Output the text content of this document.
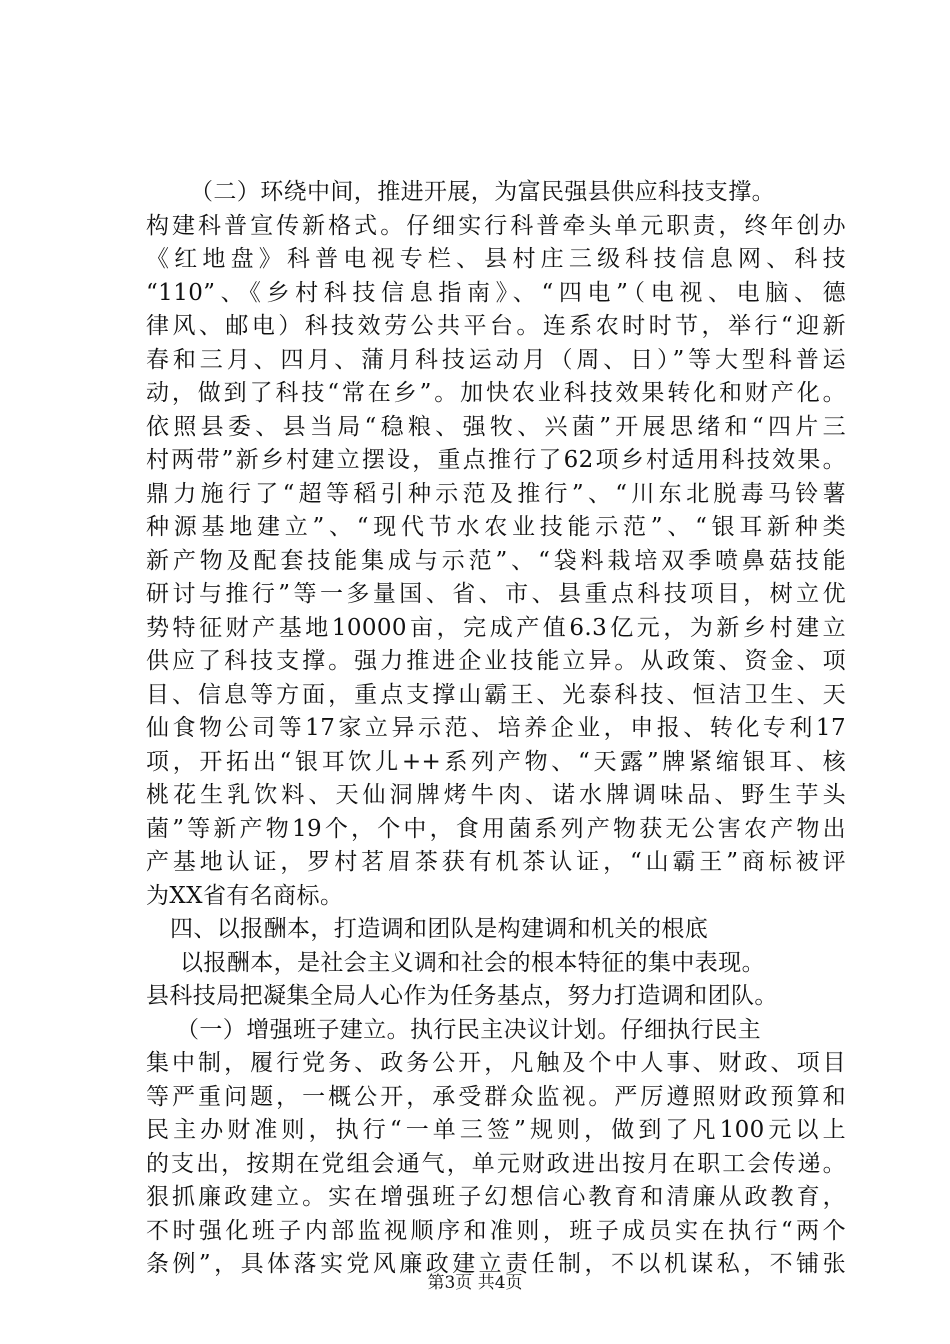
（二）环绕中间，推进开展，为富民强县供应科技支撑。
构建科普宣传新格式。仔细实行科普牵头单元职责，终年创办
《红地盘》科普电视专栏、县村庄三级科技信息网、科技
“110”、《乡村科技信息指南》、“四电”（电视、电脑、德
律风、邮电）科技效劳公共平台。连系农时时节，举行“迎新
春和三月、四月、蒲月科技运动月（周、日）”等大型科普运
动，做到了科技“常在乡”。加快农业科技效果转化和财产化。
依照县委、县当局“稳粮、强牧、兴菌”开展思绪和“四片三
村两带”新乡村建立摆设，重点推行了62项乡村适用科技效果。
鼎力施行了“超等稻引种示范及推行”、“川东北脱毒马铃薯
种源基地建立”、“现代节水农业技能示范”、“银耳新种类
新产物及配套技能集成与示范”、“袋料栽培双季喷鼻菇技能
研讨与推行”等一多量国、省、市、县重点科技项目，树立优
势特征财产基地10000亩，完成产值6.3亿元，为新乡村建立
供应了科技支撑。强力推进企业技能立异。从政策、资金、项
目、信息等方面，重点支撑山霸王、光泰科技、恒洁卫生、天
仙食物公司等17家立异示范、培养企业，申报、转化专利17
项，开拓出“银耳饮儿++系列产物、“天露”牌紧缩银耳、核
桃花生乳饮料、天仙洞牌烤牛肉、诺水牌调味品、野生芋头
菌”等新产物19个，个中，食用菌系列产物获无公害农产物出
产基地认证，罗村茗眉茶获有机茶认证，“山霸王”商标被评
为XX省有名商标。
四、以报酬本，打造调和团队是构建调和机关的根底
以报酬本，是社会主义调和社会的根本特征的集中表现。
县科技局把凝集全局人心作为任务基点，努力打造调和团队。
（一）增强班子建立。执行民主决议计划。仔细执行民主
集中制，履行党务、政务公开，凡触及个中人事、财政、项目
等严重问题，一概公开，承受群众监视。严厉遵照财政预算和
民主办财准则，执行“一单三签”规则，做到了凡100元以上
的支出，按期在党组会通气，单元财政进出按月在职工会传递。
狠抓廉政建立。实在增强班子幻想信心教育和清廉从政教育，
不时强化班子内部监视顺序和准则，班子成员实在执行“两个
条例”，具体落实党风廉政建立责任制，不以机谋私，不铺张
第3页 共4页
